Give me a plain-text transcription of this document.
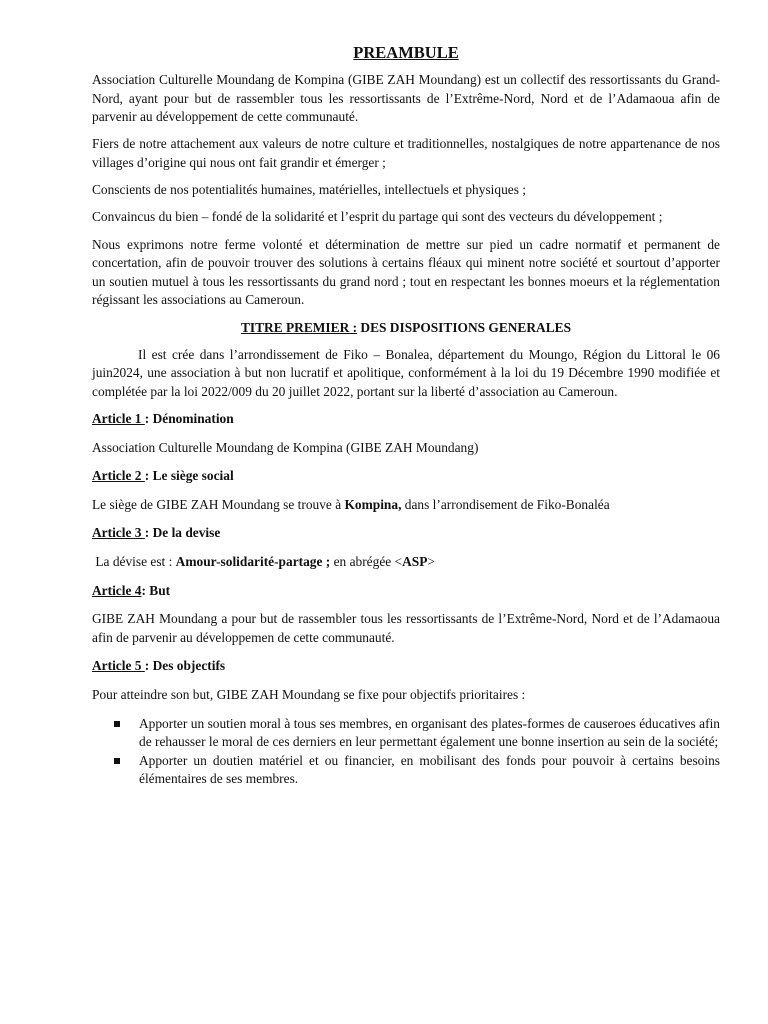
PREAMBULE

Association Culturelle Moundang de Kompina (GIBE ZAH Moundang) est un collectif des ressortissants du Grand-Nord, ayant pour but de rassembler tous les ressortissants de l’Extrême-Nord, Nord et de l’Adamaoua afin de parvenir au développement de cette communauté.

Fiers de notre attachement aux valeurs de notre culture et traditionnelles, nostalgiques de notre appartenance de nos villages d’origine qui nous ont fait grandir et émerger ;

Conscients de nos potentialités humaines, matérielles, intellectuels et physiques ;

Convaincus du bien – fondé de la solidarité et l’esprit du partage qui sont des vecteurs du développement ;

Nous exprimons notre ferme volonté et détermination de mettre sur pied un cadre normatif et permanent de concertation, afin de pouvoir trouver des solutions à certains fléaux qui minent notre société et sourtout d’apporter un soutien mutuel à tous les ressortissants du grand nord ; tout en respectant les bonnes moeurs et la réglementation régissant les associations au Cameroun.

TITRE PREMIER : DES DISPOSITIONS GENERALES

Il est crée dans l’arrondissement de Fiko – Bonalea, département du Moungo, Région du Littoral le 06 juin2024, une association à but non lucratif et apolitique, conformément à la loi du 19 Décembre 1990 modifiée et complétée par la loi 2022/009 du 20 juillet 2022, portant sur la liberté d’association au Cameroun.

Article 1 : Dénomination

Association Culturelle Moundang de Kompina (GIBE ZAH Moundang)

Article 2 : Le siège social

Le siège de GIBE ZAH Moundang se trouve à Kompina, dans l’arrondisement de Fiko-Bonaléa

Article 3 : De la devise

La dévise est : Amour-solidarité-partage ; en abrégée <ASP>

Article 4: But

GIBE ZAH Moundang a pour but de rassembler tous les ressortissants de l’Extrême-Nord, Nord et de l’Adamaoua afin de parvenir au développemen de cette communauté.

Article 5 : Des objectifs

Pour atteindre son but, GIBE ZAH Moundang se fixe pour objectifs prioritaires :

Apporter un soutien moral à tous ses membres, en organisant des plates-formes de causeroes éducatives afin de rehausser le moral de ces derniers en leur permettant également une bonne insertion au sein de la société;
Apporter un doutien matériel et ou financier, en mobilisant des fonds pour pouvoir à certains besoins élémentaires de ses membres.
